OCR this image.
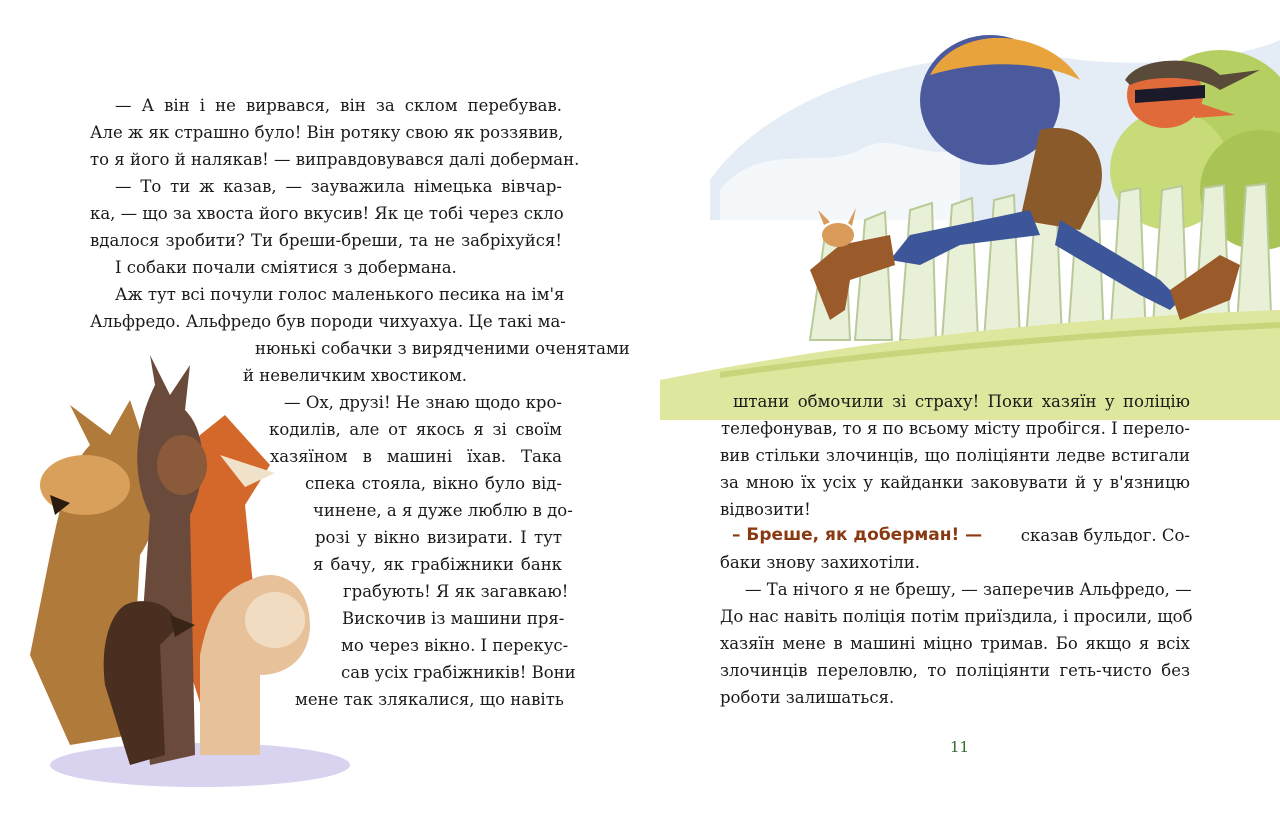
— А він і не вирвався, він за склом перебував.
Але ж як страшно було! Він ротяку свою як роззявив,
то я його й налякав! — виправдовувався далі доберман.
— То ти ж казав, — зауважила німецька вівчар-
ка, — що за хвоста його вкусив! Як це тобі через скло
вдалося зробити? Ти бреши-бреши, та не забріхуйся!
І собаки почали сміятися з добермана.
Аж тут всі почули голос маленького песика на ім'я
Альфредо. Альфредо був породи чихуахуа. Це такі ма-
нюнькі собачки з вирядченими оченятами
й невеличким хвостиком.
— Ох, друзі! Не знаю щодо кро-
кодилів, але от якось я зі своїм
хазяїном в машині їхав. Така
спека стояла, вікно було від-
чинене, а я дуже люблю в до-
розі у вікно визирати. І тут
я бачу, як грабіжники банк
грабують! Я як загавкаю!
Вискочив із машини пря-
мо через вікно. І перекус-
сав усіх грабіжників! Вони
мене так злякалися, що навіть
штани обмочили зі страху! Поки хазяїн у поліцію
телефонував, то я по всьому місту пробігся. І перело-
вив стільки злочинців, що поліціянти ледве встигали
за мною їх усіх у кайданки заковувати й у в'язницю
відвозити!
– Бреше, як доберман! — сказав бульдог. Со-
баки знову захихотіли.
— Та нічого я не брешу, — заперечив Альфредо, —
До нас навіть поліція потім приїздила, і просили, щоб
хазяїн мене в машині міцно тримав. Бо якщо я всіх
злочинців переловлю, то поліціянти геть-чисто без
роботи залишаться.
11
